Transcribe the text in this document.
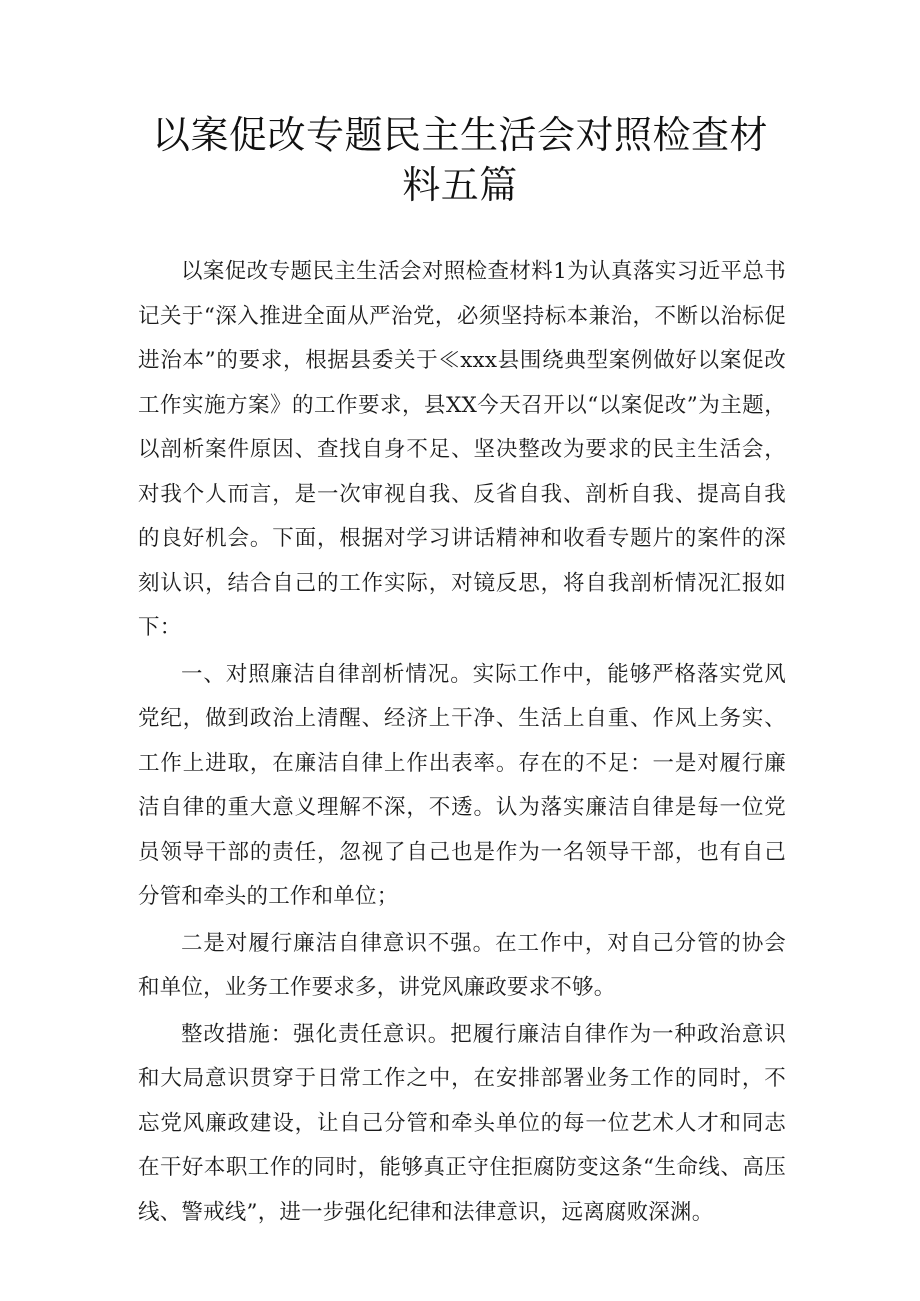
以案促改专题民主生活会对照检查材料五篇

以案促改专题民主生活会对照检查材料1为认真落实习近平总书记关于“深入推进全面从严治党，必须坚持标本兼治，不断以治标促进治本”的要求，根据县委关于≪xxx县围绕典型案例做好以案促改工作实施方案》的工作要求，县XX今天召开以“以案促改”为主题，以剖析案件原因、查找自身不足、坚决整改为要求的民主生活会，对我个人而言，是一次审视自我、反省自我、剖析自我、提高自我的良好机会。下面，根据对学习讲话精神和收看专题片的案件的深刻认识，结合自己的工作实际，对镜反思，将自我剖析情况汇报如下：

一、对照廉洁自律剖析情况。实际工作中，能够严格落实党风党纪，做到政治上清醒、经济上干净、生活上自重、作风上务实、工作上进取，在廉洁自律上作出表率。存在的不足：一是对履行廉洁自律的重大意义理解不深，不透。认为落实廉洁自律是每一位党员领导干部的责任，忽视了自己也是作为一名领导干部，也有自己分管和牵头的工作和单位；

二是对履行廉洁自律意识不强。在工作中，对自己分管的协会和单位，业务工作要求多，讲党风廉政要求不够。

整改措施：强化责任意识。把履行廉洁自律作为一种政治意识和大局意识贯穿于日常工作之中，在安排部署业务工作的同时，不忘党风廉政建设，让自己分管和牵头单位的每一位艺术人才和同志在干好本职工作的同时，能够真正守住拒腐防变这条“生命线、高压线、警戒线”，进一步强化纪律和法律意识，远离腐败深渊。
